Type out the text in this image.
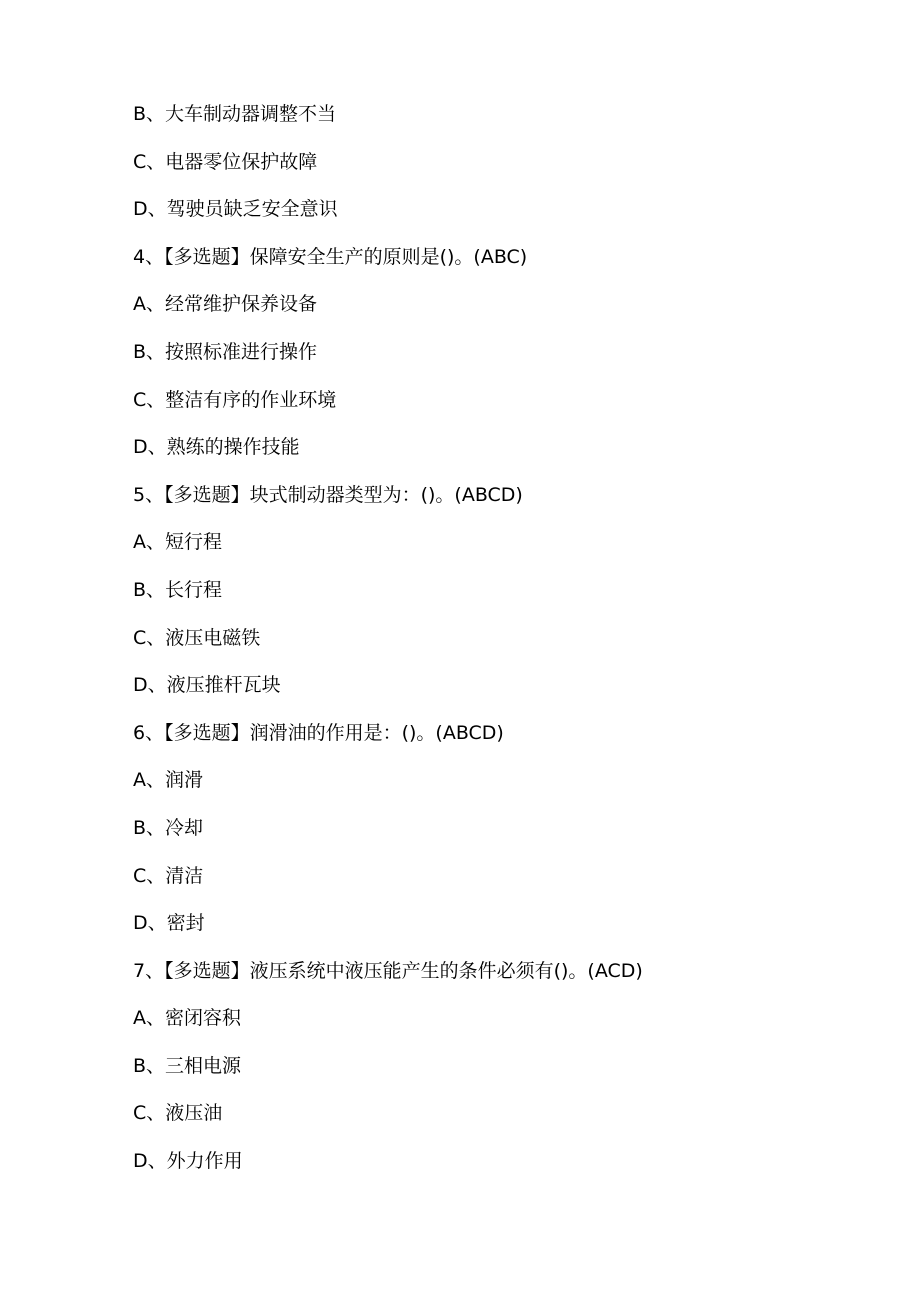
B、大车制动器调整不当
C、电器零位保护故障
D、驾驶员缺乏安全意识
4、【多选题】保障安全生产的原则是()。(ABC)
A、经常维护保养设备
B、按照标准进行操作
C、整洁有序的作业环境
D、熟练的操作技能
5、【多选题】块式制动器类型为：()。(ABCD)
A、短行程
B、长行程
C、液压电磁铁
D、液压推杆瓦块
6、【多选题】润滑油的作用是：()。(ABCD)
A、润滑
B、冷却
C、清洁
D、密封
7、【多选题】液压系统中液压能产生的条件必须有()。(ACD)
A、密闭容积
B、三相电源
C、液压油
D、外力作用
